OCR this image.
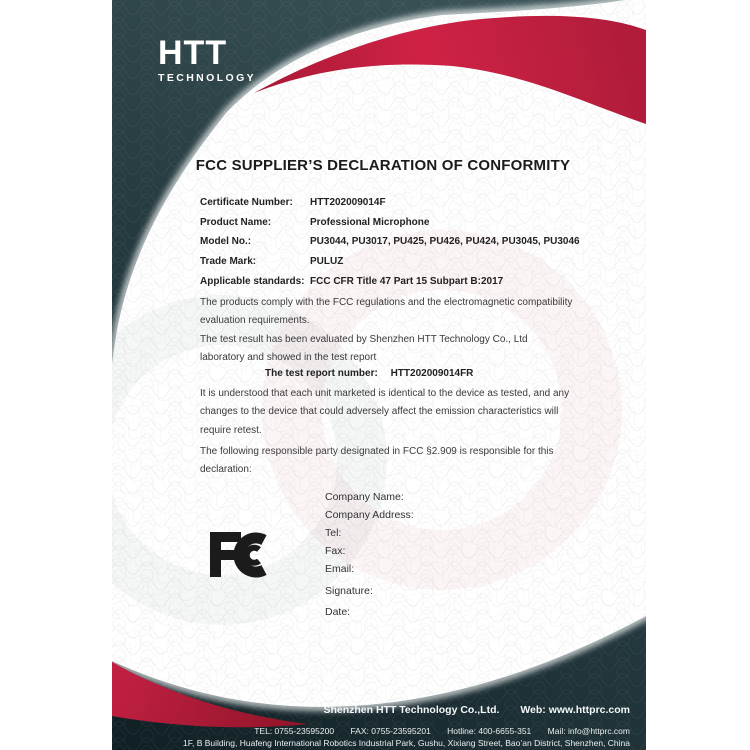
HTT
TECHNOLOGY
FCC SUPPLIER’S DECLARATION OF CONFORMITY
Certificate Number:	HTT202009014F
Product Name:	Professional Microphone
Model No.:	PU3044, PU3017, PU425, PU426, PU424, PU3045, PU3046
Trade Mark:	PULUZ
Applicable standards: FCC CFR Title 47 Part 15 Subpart B:2017

The products comply with the FCC regulations and the electromagnetic compatibility evaluation requirements.

The test result has been evaluated by Shenzhen HTT Technology Co., Ltd laboratory and showed in the test report

The test report number: HTT202009014FR

It is understood that each unit marketed is identical to the device as tested, and any changes to the device that could adversely affect the emission characteristics will require retest.

The following responsible party designated in FCC §2.909 is responsible for this declaration:

Company Name:
Company Address:
Tel:
Fax:
Email:
Signature:
Date:
Shenzhen HTT Technology Co.,Ltd. Web: www.httprc.com
TEL: 0755-23595200 FAX: 0755-23595201 Hotline: 400-6655-351 Mail: info@httprc.com
1F, B Building, Huafeng International Robotics Industrial Park, Gushu, Xixiang Street, Bao’an District, Shenzhen, China
